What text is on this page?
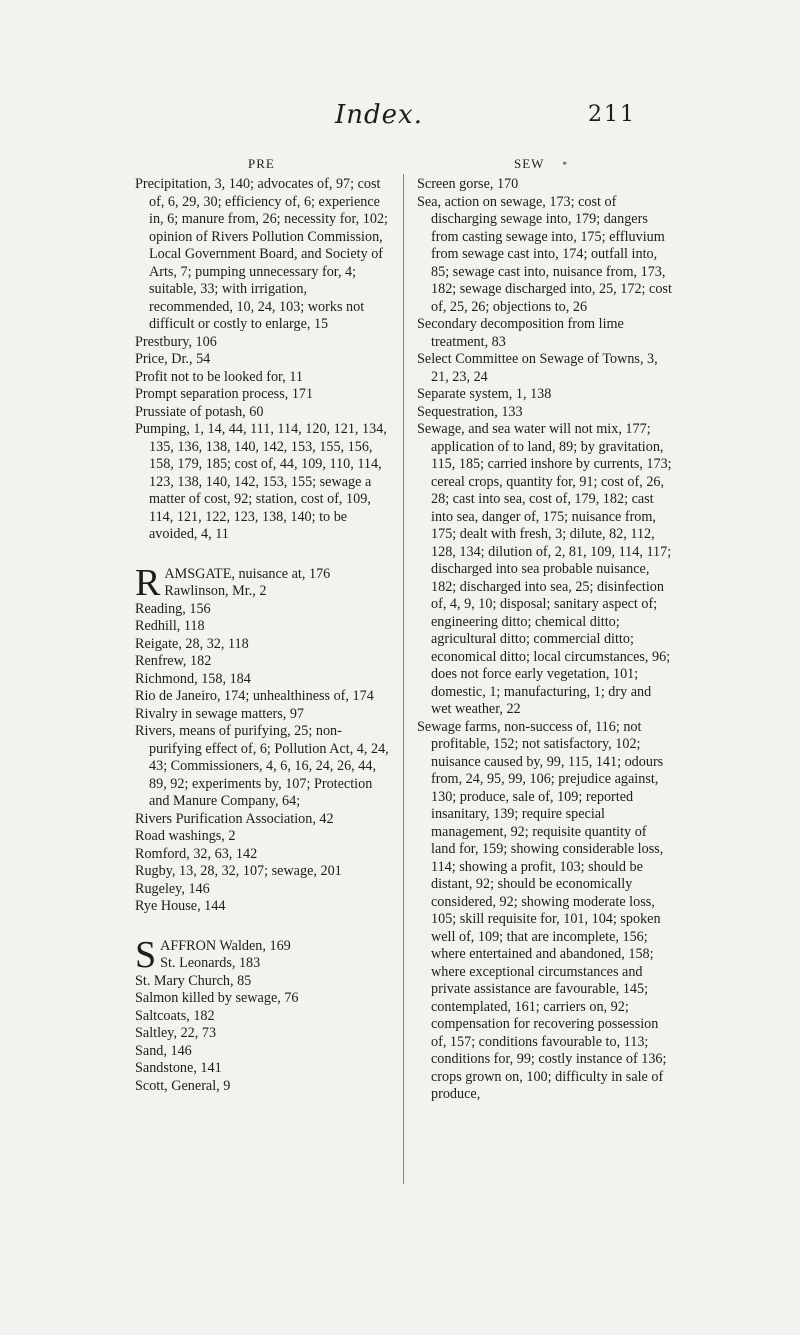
Index.	211
PRE	SEW *

Precipitation, 3, 140; advocates of, 97; cost of, 6, 29, 30; efficiency of, 6; experience in, 6; manure from, 26; necessity for, 102; opinion of Rivers Pollution Commission, Local Government Board, and Society of Arts, 7; pumping unnecessary for, 4; suitable, 33; with irrigation, recommended, 10, 24, 103; works not difficult or costly to enlarge, 15

Prestbury, 106

Price, Dr., 54

Profit not to be looked for, 11

Prompt separation process, 171

Prussiate of potash, 60

Pumping, 1, 14, 44, 111, 114, 120, 121, 134, 135, 136, 138, 140, 142, 153, 155, 156, 158, 179, 185; cost of, 44, 109, 110, 114, 123, 138, 140, 142, 153, 155; sewage a matter of cost, 92; station, cost of, 109, 114, 121, 122, 123, 138, 140; to be avoided, 4, 11

R AMSGATE, nuisance at, 176
Rawlinson, Mr., 2

Reading, 156

Redhill, 118

Reigate, 28, 32, 118

Renfrew, 182

Richmond, 158, 184

Rio de Janeiro, 174; unhealthiness of, 174

Rivalry in sewage matters, 97

Rivers, means of purifying, 25; non-purifying effect of, 6; Pollution Act, 4, 24, 43; Commissioners, 4, 6, 16, 24, 26, 44, 89, 92; experiments by, 107; Protection and Manure Company, 64;

Rivers Purification Association, 42

Road washings, 2

Romford, 32, 63, 142

Rugby, 13, 28, 32, 107; sewage, 201

Rugeley, 146

Rye House, 144

S AFFRON Walden, 169
St. Leonards, 183

St. Mary Church, 85

Salmon killed by sewage, 76

Saltcoats, 182

Saltley, 22, 73

Sand, 146

Sandstone, 141

Scott, General, 9

Screen gorse, 170

Sea, action on sewage, 173; cost of discharging sewage into, 179; dangers from casting sewage into, 175; effluvium from sewage cast into, 174; outfall into, 85; sewage cast into, nuisance from, 173, 182; sewage discharged into, 25, 172; cost of, 25, 26; objections to, 26

Secondary decomposition from lime treatment, 83

Select Committee on Sewage of Towns, 3, 21, 23, 24

Separate system, 1, 138

Sequestration, 133

Sewage, and sea water will not mix, 177; application of to land, 89; by gravitation, 115, 185; carried inshore by currents, 173; cereal crops, quantity for, 91; cost of, 26, 28; cast into sea, cost of, 179, 182; cast into sea, danger of, 175; nuisance from, 175; dealt with fresh, 3; dilute, 82, 112, 128, 134; dilution of, 2, 81, 109, 114, 117; discharged into sea probable nuisance, 182; discharged into sea, 25; disinfection of, 4, 9, 10; disposal; sanitary aspect of; engineering ditto; chemical ditto; agricultural ditto; commercial ditto; economical ditto; local circumstances, 96; does not force early vegetation, 101; domestic, 1; manufacturing, 1; dry and wet weather, 22

Sewage farms, non-success of, 116; not profitable, 152; not satisfactory, 102; nuisance caused by, 99, 115, 141; odours from, 24, 95, 99, 106; prejudice against, 130; produce, sale of, 109; reported insanitary, 139; require special management, 92; requisite quantity of land for, 159; showing considerable loss, 114; showing a profit, 103; should be distant, 92; should be economically considered, 92; showing moderate loss, 105; skill requisite for, 101, 104; spoken well of, 109; that are incomplete, 156; where entertained and abandoned, 158; where exceptional circumstances and private assistance are favourable, 145; contemplated, 161; carriers on, 92; compensation for recovering possession of, 157; conditions favourable to, 113; conditions for, 99; costly instance of 136; crops grown on, 100; difficulty in sale of produce,
